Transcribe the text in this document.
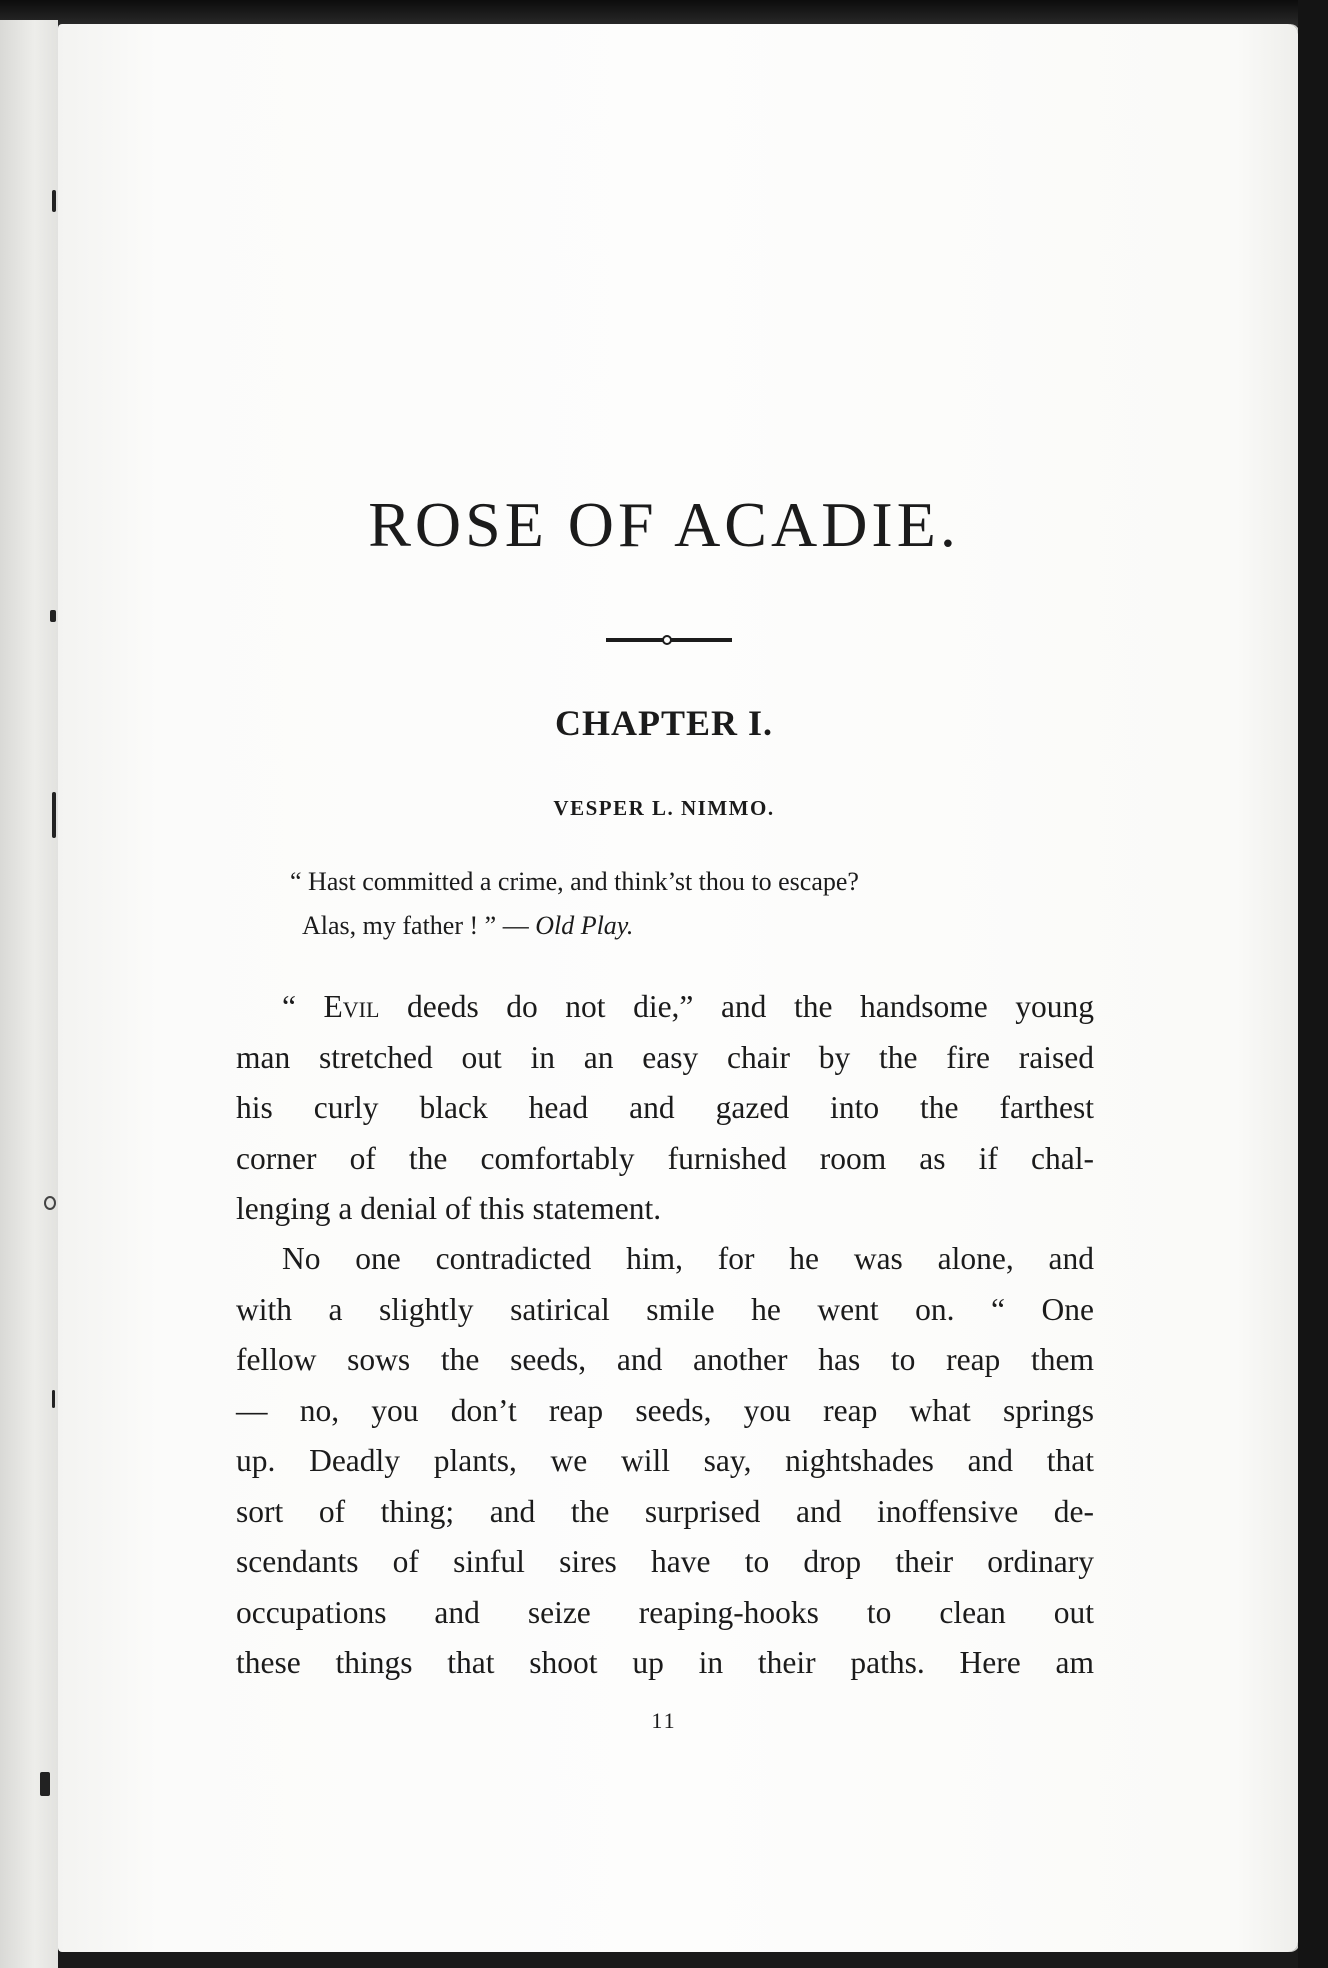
ROSE OF ACADIE.
CHAPTER I.
VESPER L. NIMMO.
“ Hast committed a crime, and think’st thou to escape?
Alas, my father ! ” — Old Play.
“ Evil deeds do not die,” and the handsome young
man stretched out in an easy chair by the fire raised
his curly black head and gazed into the farthest
corner of the comfortably furnished room as if chal-
lenging a denial of this statement.
No one contradicted him, for he was alone, and
with a slightly satirical smile he went on. “ One
fellow sows the seeds, and another has to reap them
— no, you don’t reap seeds, you reap what springs
up. Deadly plants, we will say, nightshades and that
sort of thing; and the surprised and inoffensive de-
scendants of sinful sires have to drop their ordinary
occupations and seize reaping-hooks to clean out
these things that shoot up in their paths. Here am
11
